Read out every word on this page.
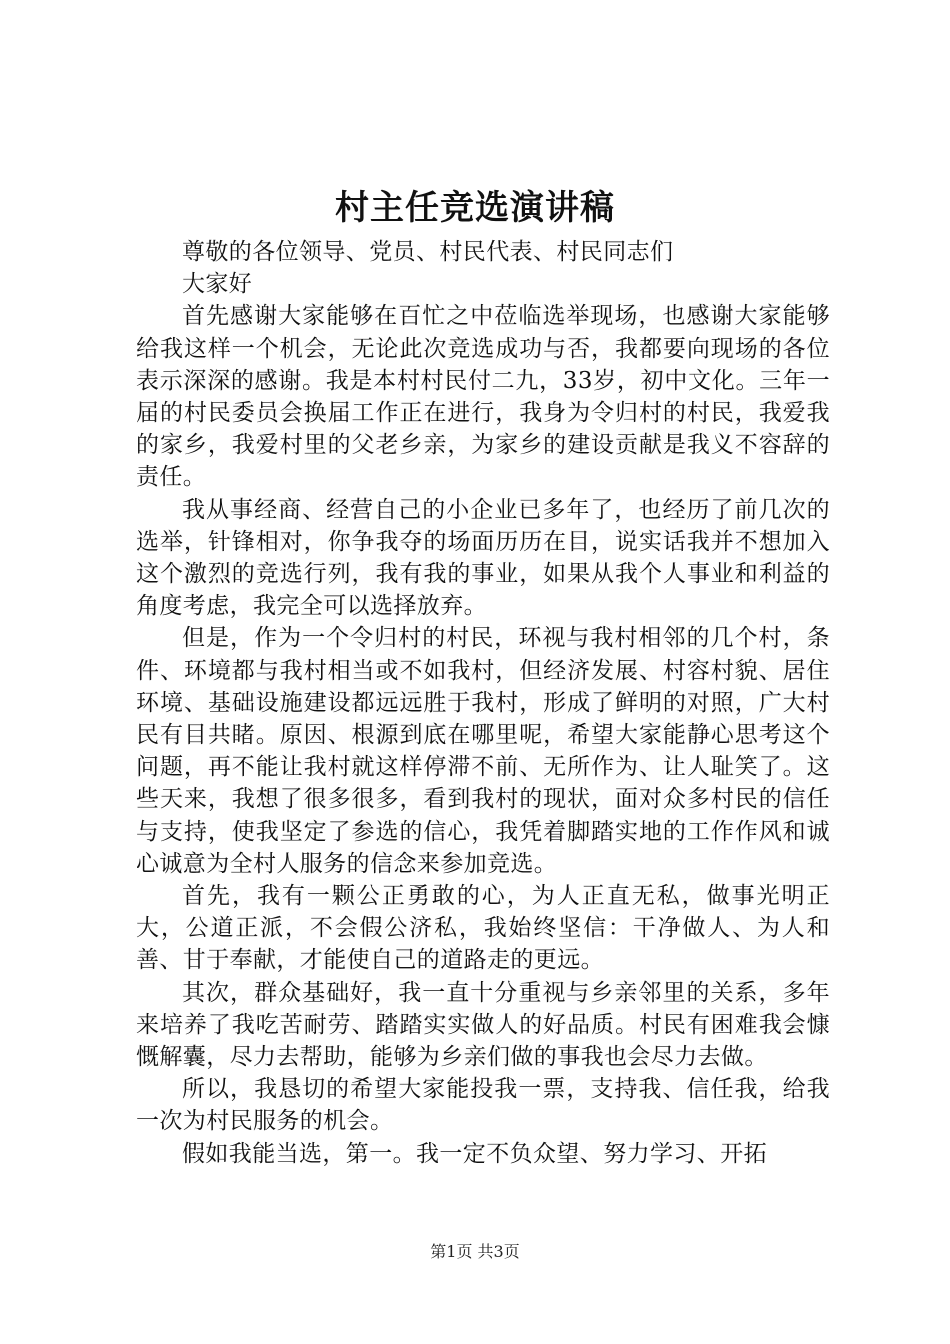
村主任竞选演讲稿

尊敬的各位领导、党员、村民代表、村民同志们

大家好

首先感谢大家能够在百忙之中莅临选举现场，也感谢大家能够给我这样一个机会，无论此次竞选成功与否，我都要向现场的各位表示深深的感谢。我是本村村民付二九，33岁，初中文化。三年一届的村民委员会换届工作正在进行，我身为令归村的村民，我爱我的家乡，我爱村里的父老乡亲，为家乡的建设贡献是我义不容辞的责任。

我从事经商、经营自己的小企业已多年了，也经历了前几次的选举，针锋相对，你争我夺的场面历历在目，说实话我并不想加入这个激烈的竞选行列，我有我的事业，如果从我个人事业和利益的角度考虑，我完全可以选择放弃。

但是，作为一个令归村的村民，环视与我村相邻的几个村，条件、环境都与我村相当或不如我村，但经济发展、村容村貌、居住环境、基础设施建设都远远胜于我村，形成了鲜明的对照，广大村民有目共睹。原因、根源到底在哪里呢，希望大家能静心思考这个问题，再不能让我村就这样停滞不前、无所作为、让人耻笑了。这些天来，我想了很多很多，看到我村的现状，面对众多村民的信任与支持，使我坚定了参选的信心，我凭着脚踏实地的工作作风和诚心诚意为全村人服务的信念来参加竞选。

首先，我有一颗公正勇敢的心，为人正直无私，做事光明正大，公道正派，不会假公济私，我始终坚信：干净做人、为人和善、甘于奉献，才能使自己的道路走的更远。

其次，群众基础好，我一直十分重视与乡亲邻里的关系，多年来培养了我吃苦耐劳、踏踏实实做人的好品质。村民有困难我会慷慨解囊，尽力去帮助，能够为乡亲们做的事我也会尽力去做。

所以，我恳切的希望大家能投我一票，支持我、信任我，给我一次为村民服务的机会。

假如我能当选，第一。我一定不负众望、努力学习、开拓

第1页 共3页
